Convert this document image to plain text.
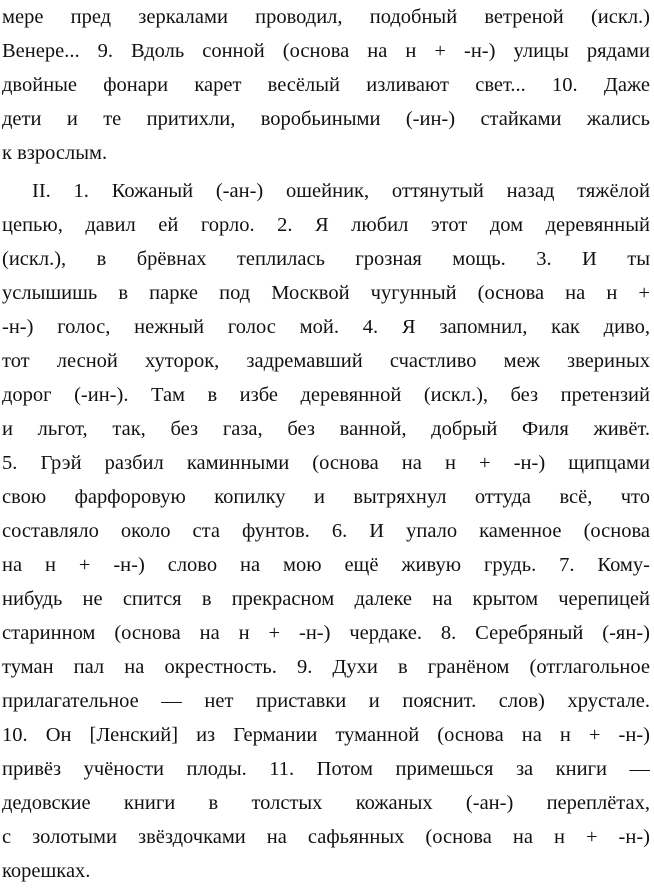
мере пред зеркалами проводил, подобный ветреной (искл.)
Венере... 9. Вдоль сонной (основа на н + -н-) улицы рядами
двойные фонари карет весёлый изливают свет... 10. Даже
дети и те притихли, воробьиными (-ин-) стайками жались
к взрослым.
II. 1. Кожаный (-ан-) ошейник, оттянутый назад тяжёлой
цепью, давил ей горло. 2. Я любил этот дом деревянный
(искл.), в брёвнах теплилась грозная мощь. 3. И ты
услышишь в парке под Москвой чугунный (основа на н +
-н-) голос, нежный голос мой. 4. Я запомнил, как диво,
тот лесной хуторок, задремавший счастливо меж звериных
дорог (-ин-). Там в избе деревянной (искл.), без претензий
и льгот, так, без газа, без ванной, добрый Филя живёт.
5. Грэй разбил каминными (основа на н + -н-) щипцами
свою фарфоровую копилку и вытряхнул оттуда всё, что
составляло около ста фунтов. 6. И упало каменное (основа
на н + -н-) слово на мою ещё живую грудь. 7. Кому-
нибудь не спится в прекрасном далеке на крытом черепицей
старинном (основа на н + -н-) чердаке. 8. Серебряный (-ян-)
туман пал на окрестность. 9. Духи в гранёном (отглагольное
прилагательное — нет приставки и пояснит. слов) хрустале.
10. Он [Ленский] из Германии туманной (основа на н + -н-)
привёз учёности плоды. 11. Потом примешься за книги —
дедовские книги в толстых кожаных (-ан-) переплётах,
с золотыми звёздочками на сафьянных (основа на н + -н-)
корешках.
